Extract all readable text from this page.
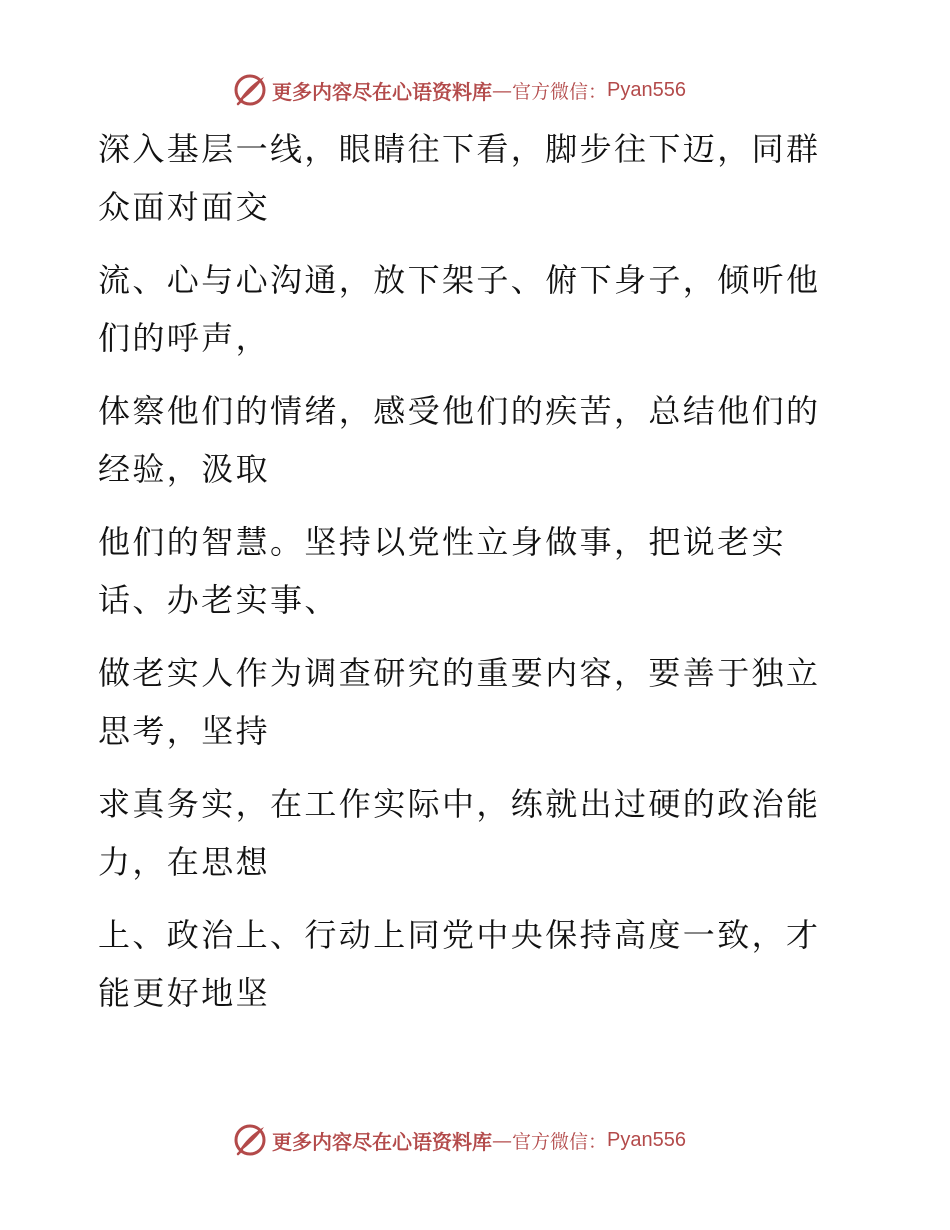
更多内容尽在心语资料库 — 官方微信： Pyan556
深入基层一线，眼睛往下看，脚步往下迈，同群
众面对面交
流、心与心沟通，放下架子、俯下身子，倾听他
们的呼声，
体察他们的情绪，感受他们的疾苦，总结他们的
经验，汲取
他们的智慧。坚持以党性立身做事，把说老实
话、办老实事、
做老实人作为调查研究的重要内容，要善于独立
思考，坚持
求真务实，在工作实际中，练就出过硬的政治能
力，在思想
上、政治上、行动上同党中央保持高度一致，才
能更好地坚
更多内容尽在心语资料库 — 官方微信： Pyan556
